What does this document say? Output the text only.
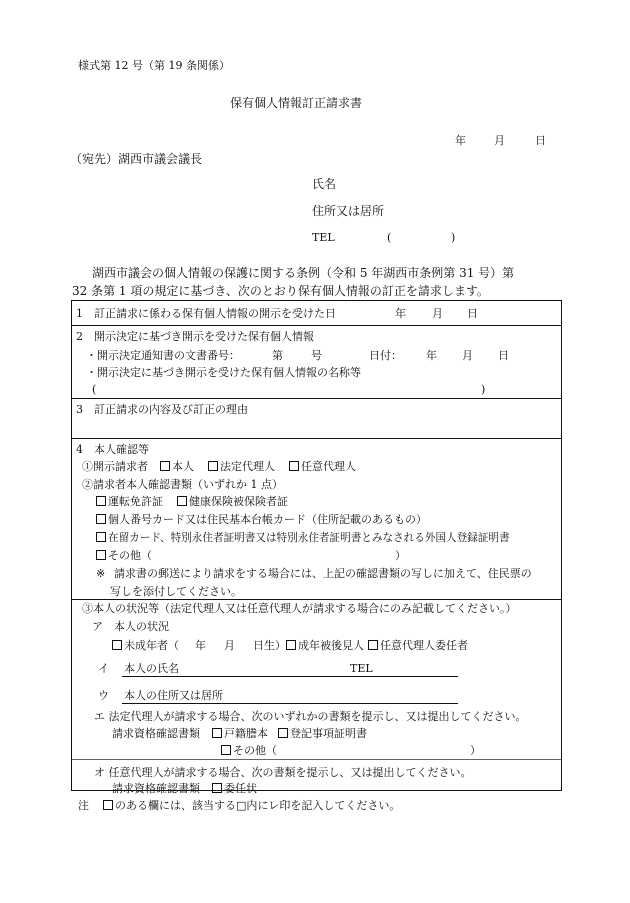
様式第 12 号（第 19 条関係）
保有個人情報訂正請求書
年	月	日
（宛先）湖西市議会議長
氏名
住所又は居所
TEL	(	)
湖西市議会の個人情報の保護に関する条例（令和 5 年湖西市条例第 31 号）第
32 条第 1 項の規定に基づき、次のとおり保有個人情報の訂正を請求します。
1　訂正請求に係わる保有個人情報の開示を受けた日	年 月 日
2　開示決定に基づき開示を受けた保有個人情報
・開示決定通知書の文書番号：	第	号	日付： 年 月 日
・開示決定に基づき開示を受けた保有個人情報の名称等
(	)
3　訂正請求の内容及び訂正の理由
4　本人確認等
①開示請求者 本人 法定代理人 任意代理人
②請求者本人確認書類（いずれか 1 点）
運転免許証 健康保険被保険者証
個人番号カード又は住民基本台帳カード（住所記載のあるもの）
在留カード、特別永住者証明書又は特別永住者証明書とみなされる外国人登録証明書
その他（	）
※ 請求書の郵送により請求をする場合には、上記の確認書類の写しに加えて、住民票の
写しを添付してください。
③本人の状況等（法定代理人又は任意代理人が請求する場合にのみ記載してください。）
ア　本人の状況
未成年者（ 年 月 日生） 成年被後見人 任意代理人委任者
イ 本人の氏名	TEL
ウ 本人の住所又は居所
エ 法定代理人が請求する場合、次のいずれかの書類を提示し、又は提出してください。
請求資格確認書類 戸籍謄本 登記事項証明書
その他（	）
オ 任意代理人が請求する場合、次の書類を提示し、又は提出してください。
請求資格確認書類 委任状
注 のある欄には、該当する□内にレ印を記入してください。
